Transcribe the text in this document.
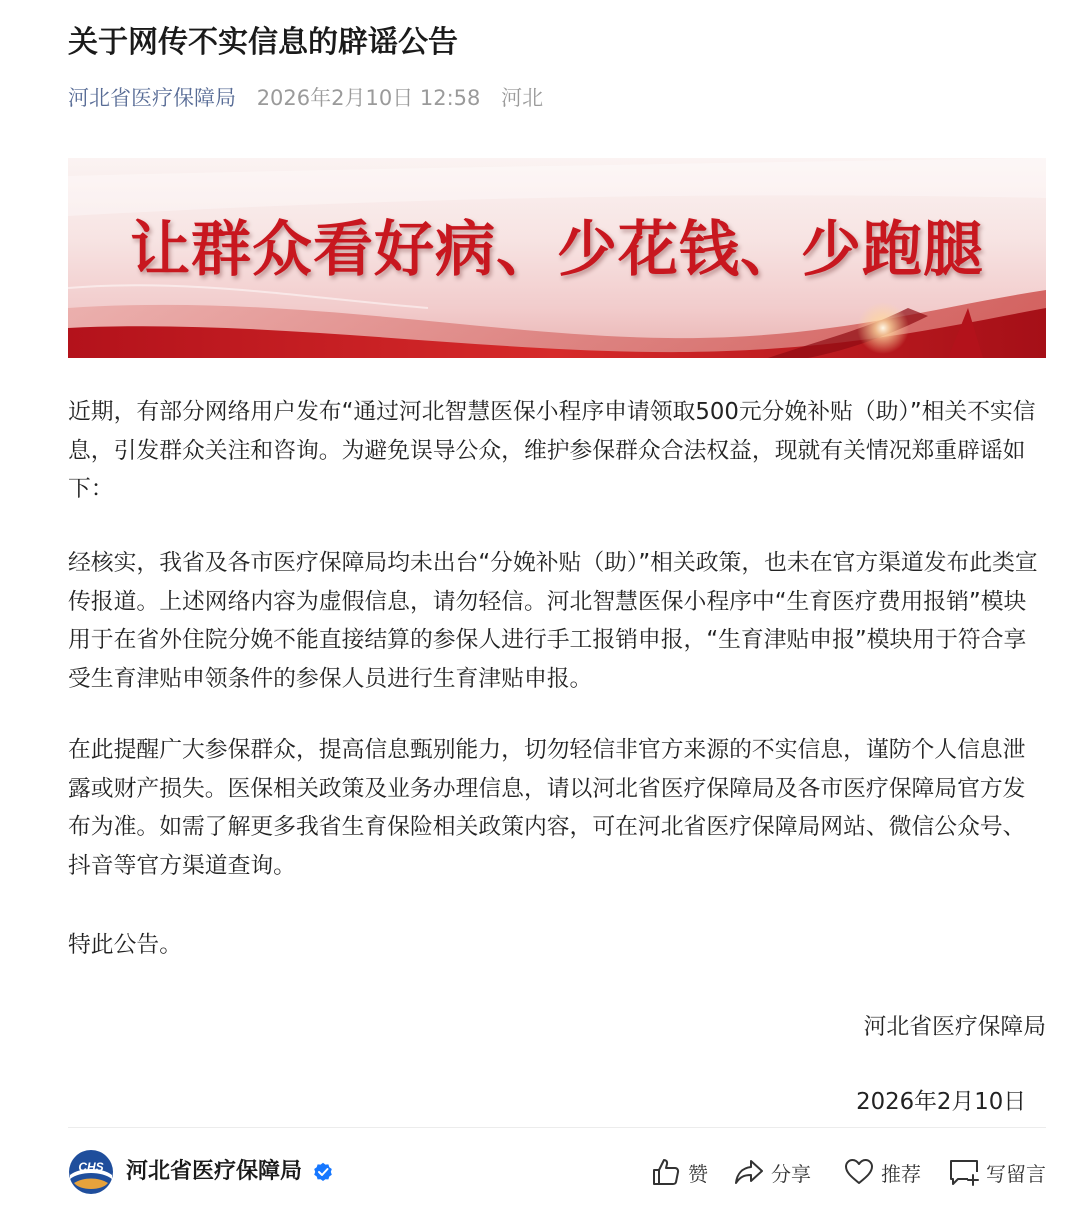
关于网传不实信息的辟谣公告
河北省医疗保障局 2026年2月10日 12:58 河北
让群众看好病、少花钱、少跑腿

近期，有部分网络用户发布“通过河北智慧医保小程序申请领取500元分娩补贴（助）”相关不实信息，引发群众关注和咨询。为避免误导公众，维护参保群众合法权益，现就有关情况郑重辟谣如下：

经核实，我省及各市医疗保障局均未出台“分娩补贴（助）”相关政策，也未在官方渠道发布此类宣传报道。上述网络内容为虚假信息，请勿轻信。河北智慧医保小程序中“生育医疗费用报销”模块用于在省外住院分娩不能直接结算的参保人进行手工报销申报，“生育津贴申报”模块用于符合享受生育津贴申领条件的参保人员进行生育津贴申报。

在此提醒广大参保群众，提高信息甄别能力，切勿轻信非官方来源的不实信息，谨防个人信息泄露或财产损失。医保相关政策及业务办理信息，请以河北省医疗保障局及各市医疗保障局官方发布为准。如需了解更多我省生育保险相关政策内容，可在河北省医疗保障局网站、微信公众号、抖音等官方渠道查询。

特此公告。

河北省医疗保障局
2026年2月10日
CHS 河北省医疗保障局	赞	分享	推荐	写留言
